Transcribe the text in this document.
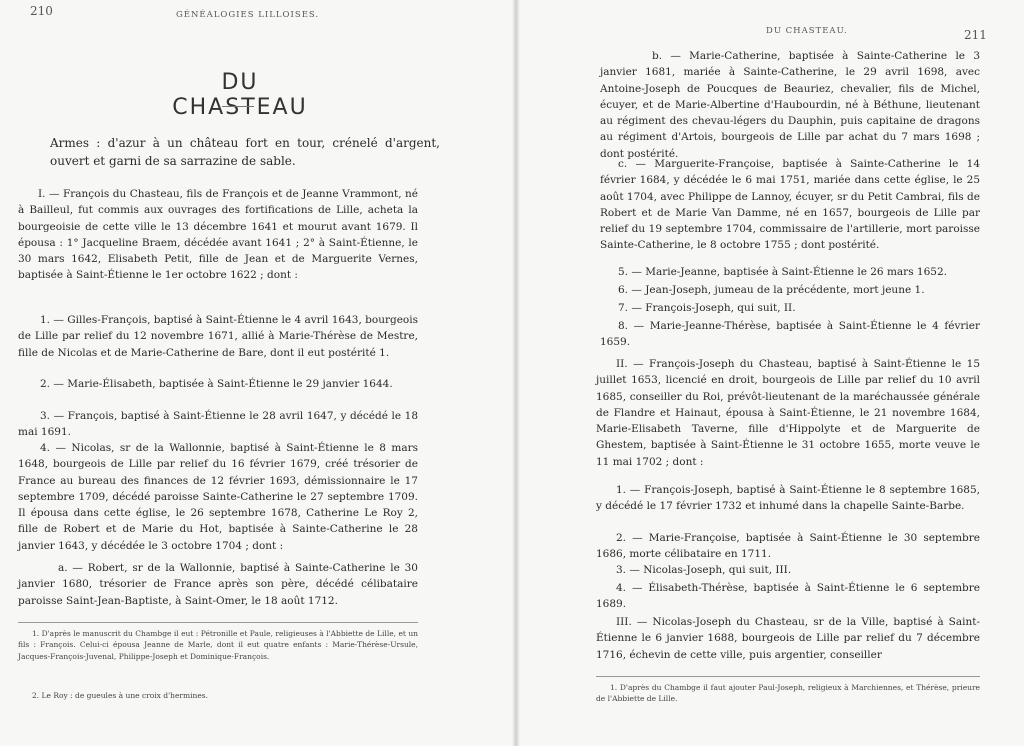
210	GÉNÉALOGIES LILLOISES.
DU CHASTEAU
Armes : d'azur à un château fort en tour, crénelé d'argent, ouvert et garni de sa sarrazine de sable.
I. — François du Chasteau, fils de François et de Jeanne Vrammont, né à Bailleul, fut commis aux ouvrages des fortifications de Lille, acheta la bourgeoisie de cette ville le 13 décembre 1641 et mourut avant 1679. Il épousa : 1° Jacqueline Braem, décédée avant 1641 ; 2° à Saint-Étienne, le 30 mars 1642, Elisabeth Petit, fille de Jean et de Marguerite Vernes, baptisée à Saint-Étienne le 1er octobre 1622 ; dont :
1. — Gilles-François, baptisé à Saint-Étienne le 4 avril 1643, bourgeois de Lille par relief du 12 novembre 1671, allié à Marie-Thérèse de Mestre, fille de Nicolas et de Marie-Catherine de Bare, dont il eut postérité 1.
2. — Marie-Élisabeth, baptisée à Saint-Étienne le 29 janvier 1644.
3. — François, baptisé à Saint-Étienne le 28 avril 1647, y décédé le 18 mai 1691.
4. — Nicolas, sr de la Wallonnie, baptisé à Saint-Étienne le 8 mars 1648, bourgeois de Lille par relief du 16 février 1679, créé trésorier de France au bureau des finances de 12 février 1693, démissionnaire le 17 septembre 1709, décédé paroisse Sainte-Catherine le 27 septembre 1709. Il épousa dans cette église, le 26 septembre 1678, Catherine Le Roy 2, fille de Robert et de Marie du Hot, baptisée à Sainte-Catherine le 28 janvier 1643, y décédée le 3 octobre 1704 ; dont :
a. — Robert, sr de la Wallonnie, baptisé à Sainte-Catherine le 30 janvier 1680, trésorier de France après son père, décédé célibataire paroisse Saint-Jean-Baptiste, à Saint-Omer, le 18 août 1712.
1. D'après le manuscrit du Chambge il eut : Pétronille et Paule, religieuses à l'Abbiette de Lille, et un fils : François. Celui-ci épousa Jeanne de Marle, dont il eut quatre enfants : Marie-Thérèse-Ursule, Jacques-François-Juvenal, Philippe-Joseph et Dominique-François.
2. Le Roy : de gueules à une croix d'hermines.
DU CHASTEAU.	211
b. — Marie-Catherine, baptisée à Sainte-Catherine le 3 janvier 1681, mariée à Sainte-Catherine, le 29 avril 1698, avec Antoine-Joseph de Poucques de Beauriez, chevalier, fils de Michel, écuyer, et de Marie-Albertine d'Haubourdin, né à Béthune, lieutenant au régiment des chevau-légers du Dauphin, puis capitaine de dragons au régiment d'Artois, bourgeois de Lille par achat du 7 mars 1698 ; dont postérité.
c. — Marguerite-Françoise, baptisée à Sainte-Catherine le 14 février 1684, y décédée le 6 mai 1751, mariée dans cette église, le 25 août 1704, avec Philippe de Lannoy, écuyer, sr du Petit Cambrai, fils de Robert et de Marie Van Damme, né en 1657, bourgeois de Lille par relief du 19 septembre 1704, commissaire de l'artillerie, mort paroisse Sainte-Catherine, le 8 octobre 1755 ; dont postérité.
5. — Marie-Jeanne, baptisée à Saint-Étienne le 26 mars 1652.
6. — Jean-Joseph, jumeau de la précédente, mort jeune 1.
7. — François-Joseph, qui suit, II.
8. — Marie-Jeanne-Thérèse, baptisée à Saint-Étienne le 4 février 1659.
II. — François-Joseph du Chasteau, baptisé à Saint-Étienne le 15 juillet 1653, licencié en droit, bourgeois de Lille par relief du 10 avril 1685, conseiller du Roi, prévôt-lieutenant de la maréchaussée générale de Flandre et Hainaut, épousa à Saint-Étienne, le 21 novembre 1684, Marie-Elisabeth Taverne, fille d'Hippolyte et de Marguerite de Ghestem, baptisée à Saint-Étienne le 31 octobre 1655, morte veuve le 11 mai 1702 ; dont :
1. — François-Joseph, baptisé à Saint-Étienne le 8 septembre 1685, y décédé le 17 février 1732 et inhumé dans la chapelle Sainte-Barbe.
2. — Marie-Françoise, baptisée à Saint-Étienne le 30 septembre 1686, morte célibataire en 1711.
3. — Nicolas-Joseph, qui suit, III.
4. — Élisabeth-Thérèse, baptisée à Saint-Étienne le 6 septembre 1689.
III. — Nicolas-Joseph du Chasteau, sr de la Ville, baptisé à Saint-Étienne le 6 janvier 1688, bourgeois de Lille par relief du 7 décembre 1716, échevin de cette ville, puis argentier, conseiller
1. D'après du Chambge il faut ajouter Paul-Joseph, religieux à Marchiennes, et Thérèse, prieure de l'Abbiette de Lille.
